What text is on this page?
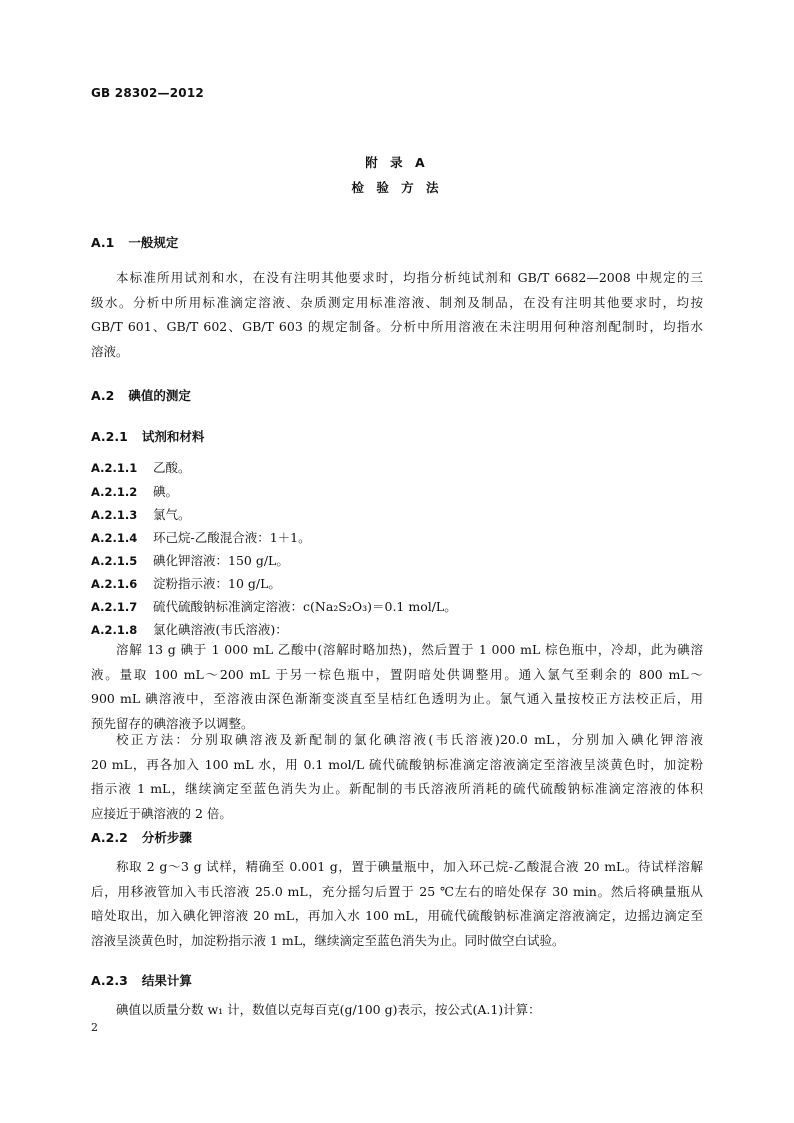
GB 28302—2012
附 录 A
检 验 方 法
A.1 一般规定
本标准所用试剂和水，在没有注明其他要求时，均指分析纯试剂和 GB/T 6682—2008 中规定的三
级水。分析中所用标准滴定溶液、杂质测定用标准溶液、制剂及制品，在没有注明其他要求时，均按
GB/T 601、GB/T 602、GB/T 603 的规定制备。分析中所用溶液在未注明用何种溶剂配制时，均指水
溶液。
A.2 碘值的测定
A.2.1 试剂和材料
A.2.1.1 乙酸。
A.2.1.2 碘。
A.2.1.3 氯气。
A.2.1.4 环己烷-乙酸混合液：1＋1。
A.2.1.5 碘化钾溶液：150 g/L。
A.2.1.6 淀粉指示液：10 g/L。
A.2.1.7 硫代硫酸钠标准滴定溶液：c(Na₂S₂O₃)＝0.1 mol/L。
A.2.1.8 氯化碘溶液(韦氏溶液)：
溶解 13 g 碘于 1 000 mL 乙酸中(溶解时略加热)，然后置于 1 000 mL 棕色瓶中，冷却，此为碘溶
液。量取 100 mL～200 mL 于另一棕色瓶中，置阴暗处供调整用。通入氯气至剩余的 800 mL～
900 mL 碘溶液中，至溶液由深色渐渐变淡直至呈桔红色透明为止。氯气通入量按校正方法校正后，用
预先留存的碘溶液予以调整。
校正方法：分别取碘溶液及新配制的氯化碘溶液(韦氏溶液)20.0 mL，分别加入碘化钾溶液
20 mL，再各加入 100 mL 水，用 0.1 mol/L 硫代硫酸钠标准滴定溶液滴定至溶液呈淡黄色时，加淀粉
指示液 1 mL，继续滴定至蓝色消失为止。新配制的韦氏溶液所消耗的硫代硫酸钠标准滴定溶液的体积
应接近于碘溶液的 2 倍。
A.2.2 分析步骤
称取 2 g～3 g 试样，精确至 0.001 g，置于碘量瓶中，加入环己烷-乙酸混合液 20 mL。待试样溶解
后，用移液管加入韦氏溶液 25.0 mL，充分摇匀后置于 25 ℃左右的暗处保存 30 min。然后将碘量瓶从
暗处取出，加入碘化钾溶液 20 mL，再加入水 100 mL，用硫代硫酸钠标准滴定溶液滴定，边摇边滴定至
溶液呈淡黄色时，加淀粉指示液 1 mL，继续滴定至蓝色消失为止。同时做空白试验。
A.2.3 结果计算
碘值以质量分数 w₁ 计，数值以克每百克(g/100 g)表示，按公式(A.1)计算：
2
